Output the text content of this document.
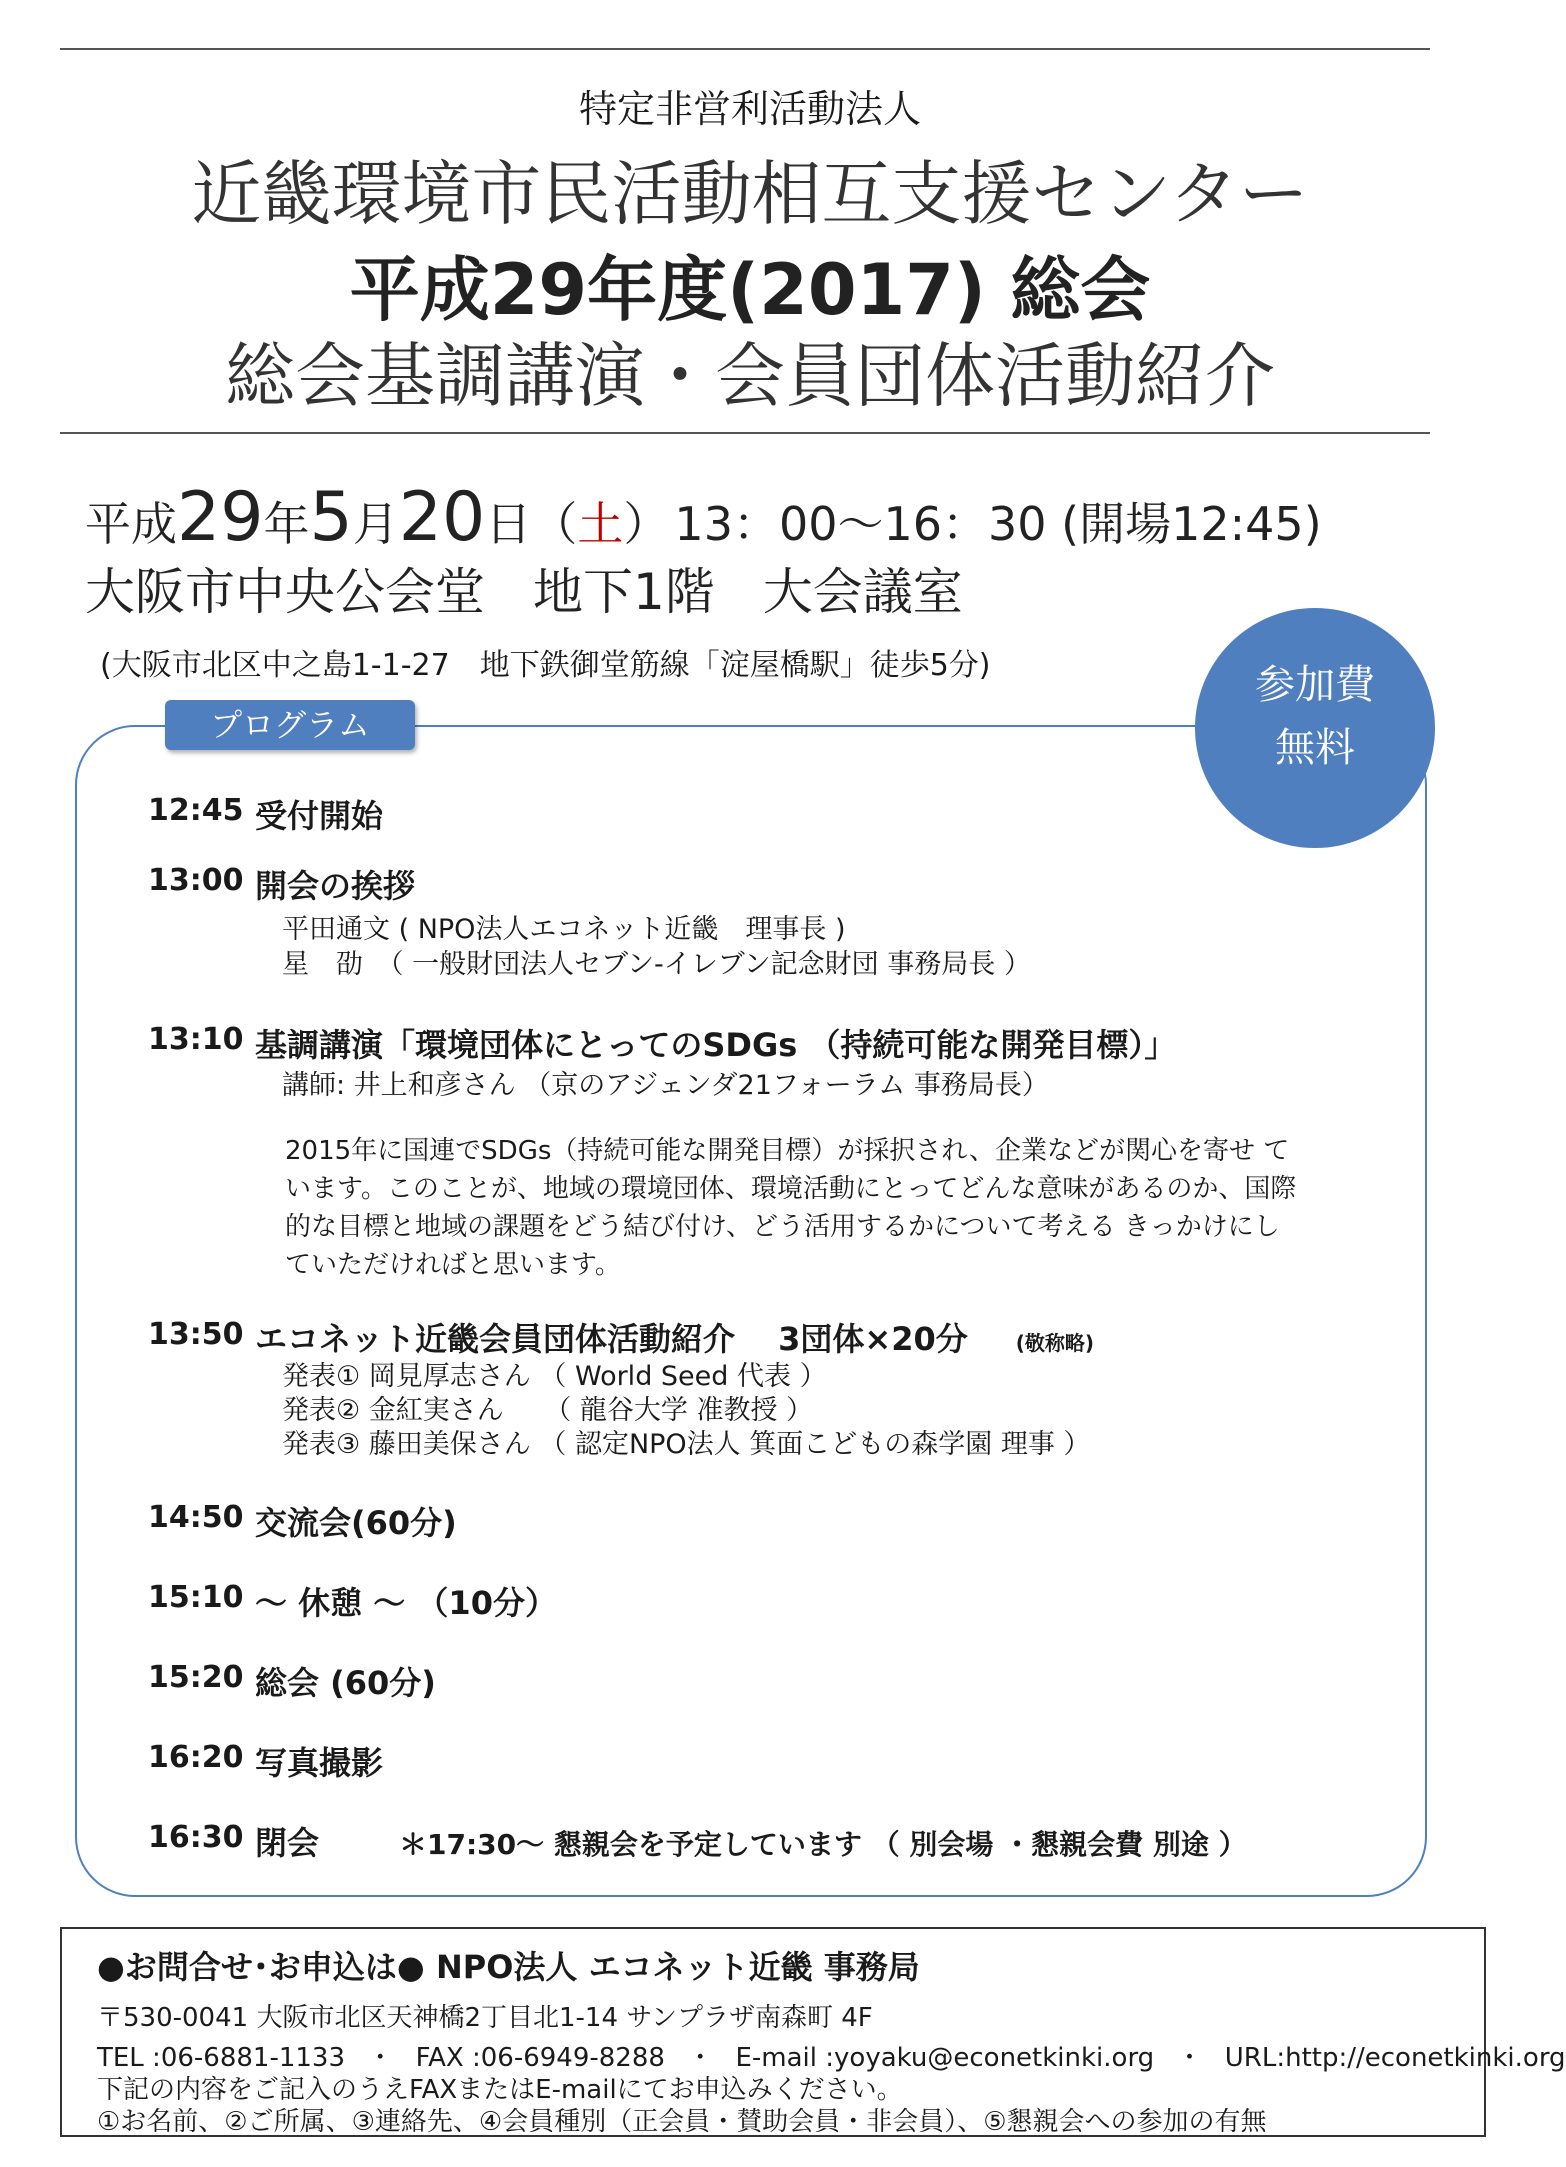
特定非営利活動法人
近畿環境市民活動相互支援センター
平成29年度(2017) 総会
総会基調講演・会員団体活動紹介
平成29年5月20日（土） 13：00～16：30 (開場12:45)
大阪市中央公会堂 地下1階 大会議室
(大阪市北区中之島1-1-27　地下鉄御堂筋線「淀屋橋駅」徒歩5分)
プログラム
参加費
無料
12:45 受付開始
13:00 開会の挨拶
平田通文 ( NPO法人エコネット近畿　理事長 )
星　劭　（ 一般財団法人セブン-イレブン記念財団 事務局長 ）
13:10 基調講演「環境団体にとってのSDGs （持続可能な開発目標）」
講師: 井上和彦さん （京のアジェンダ21フォーラム 事務局長）
2015年に国連でSDGs（持続可能な開発目標）が採択され、企業などが関心を寄せ て
います。このことが、地域の環境団体、環境活動にとってどんな意味があるのか、国際
的な目標と地域の課題をどう結び付け、どう活用するかについて考える きっかけにし
ていただければと思います。
13:50 エコネット近畿会員団体活動紹介　 3団体×20分 (敬称略)
発表① 岡見厚志さん （ World Seed 代表 ）
発表② 金紅実さん　　（ 龍谷大学 准教授 ）
発表③ 藤田美保さん （ 認定NPO法人 箕面こどもの森学園 理事 ）
14:50 交流会(60分)
15:10 ～ 休憩 ～ （10分）
15:20 総会 (60分)
16:20 写真撮影
16:30 閉会	＊17:30～ 懇親会を予定しています （ 別会場 ・懇親会費 別途 ）
●お問合せ･お申込は● NPO法人 エコネット近畿 事務局
〒530-0041 大阪市北区天神橋2丁目北1-14 サンプラザ南森町 4F
TEL :06-6881-1133 ・ FAX :06-6949-8288 ・ E-mail :yoyaku@econetkinki.org ・ URL:http://econetkinki.org
下記の内容をご記入のうえFAXまたはE-mailにてお申込みください。
①お名前、②ご所属、③連絡先、④会員種別（正会員・賛助会員・非会員）、⑤懇親会への参加の有無
